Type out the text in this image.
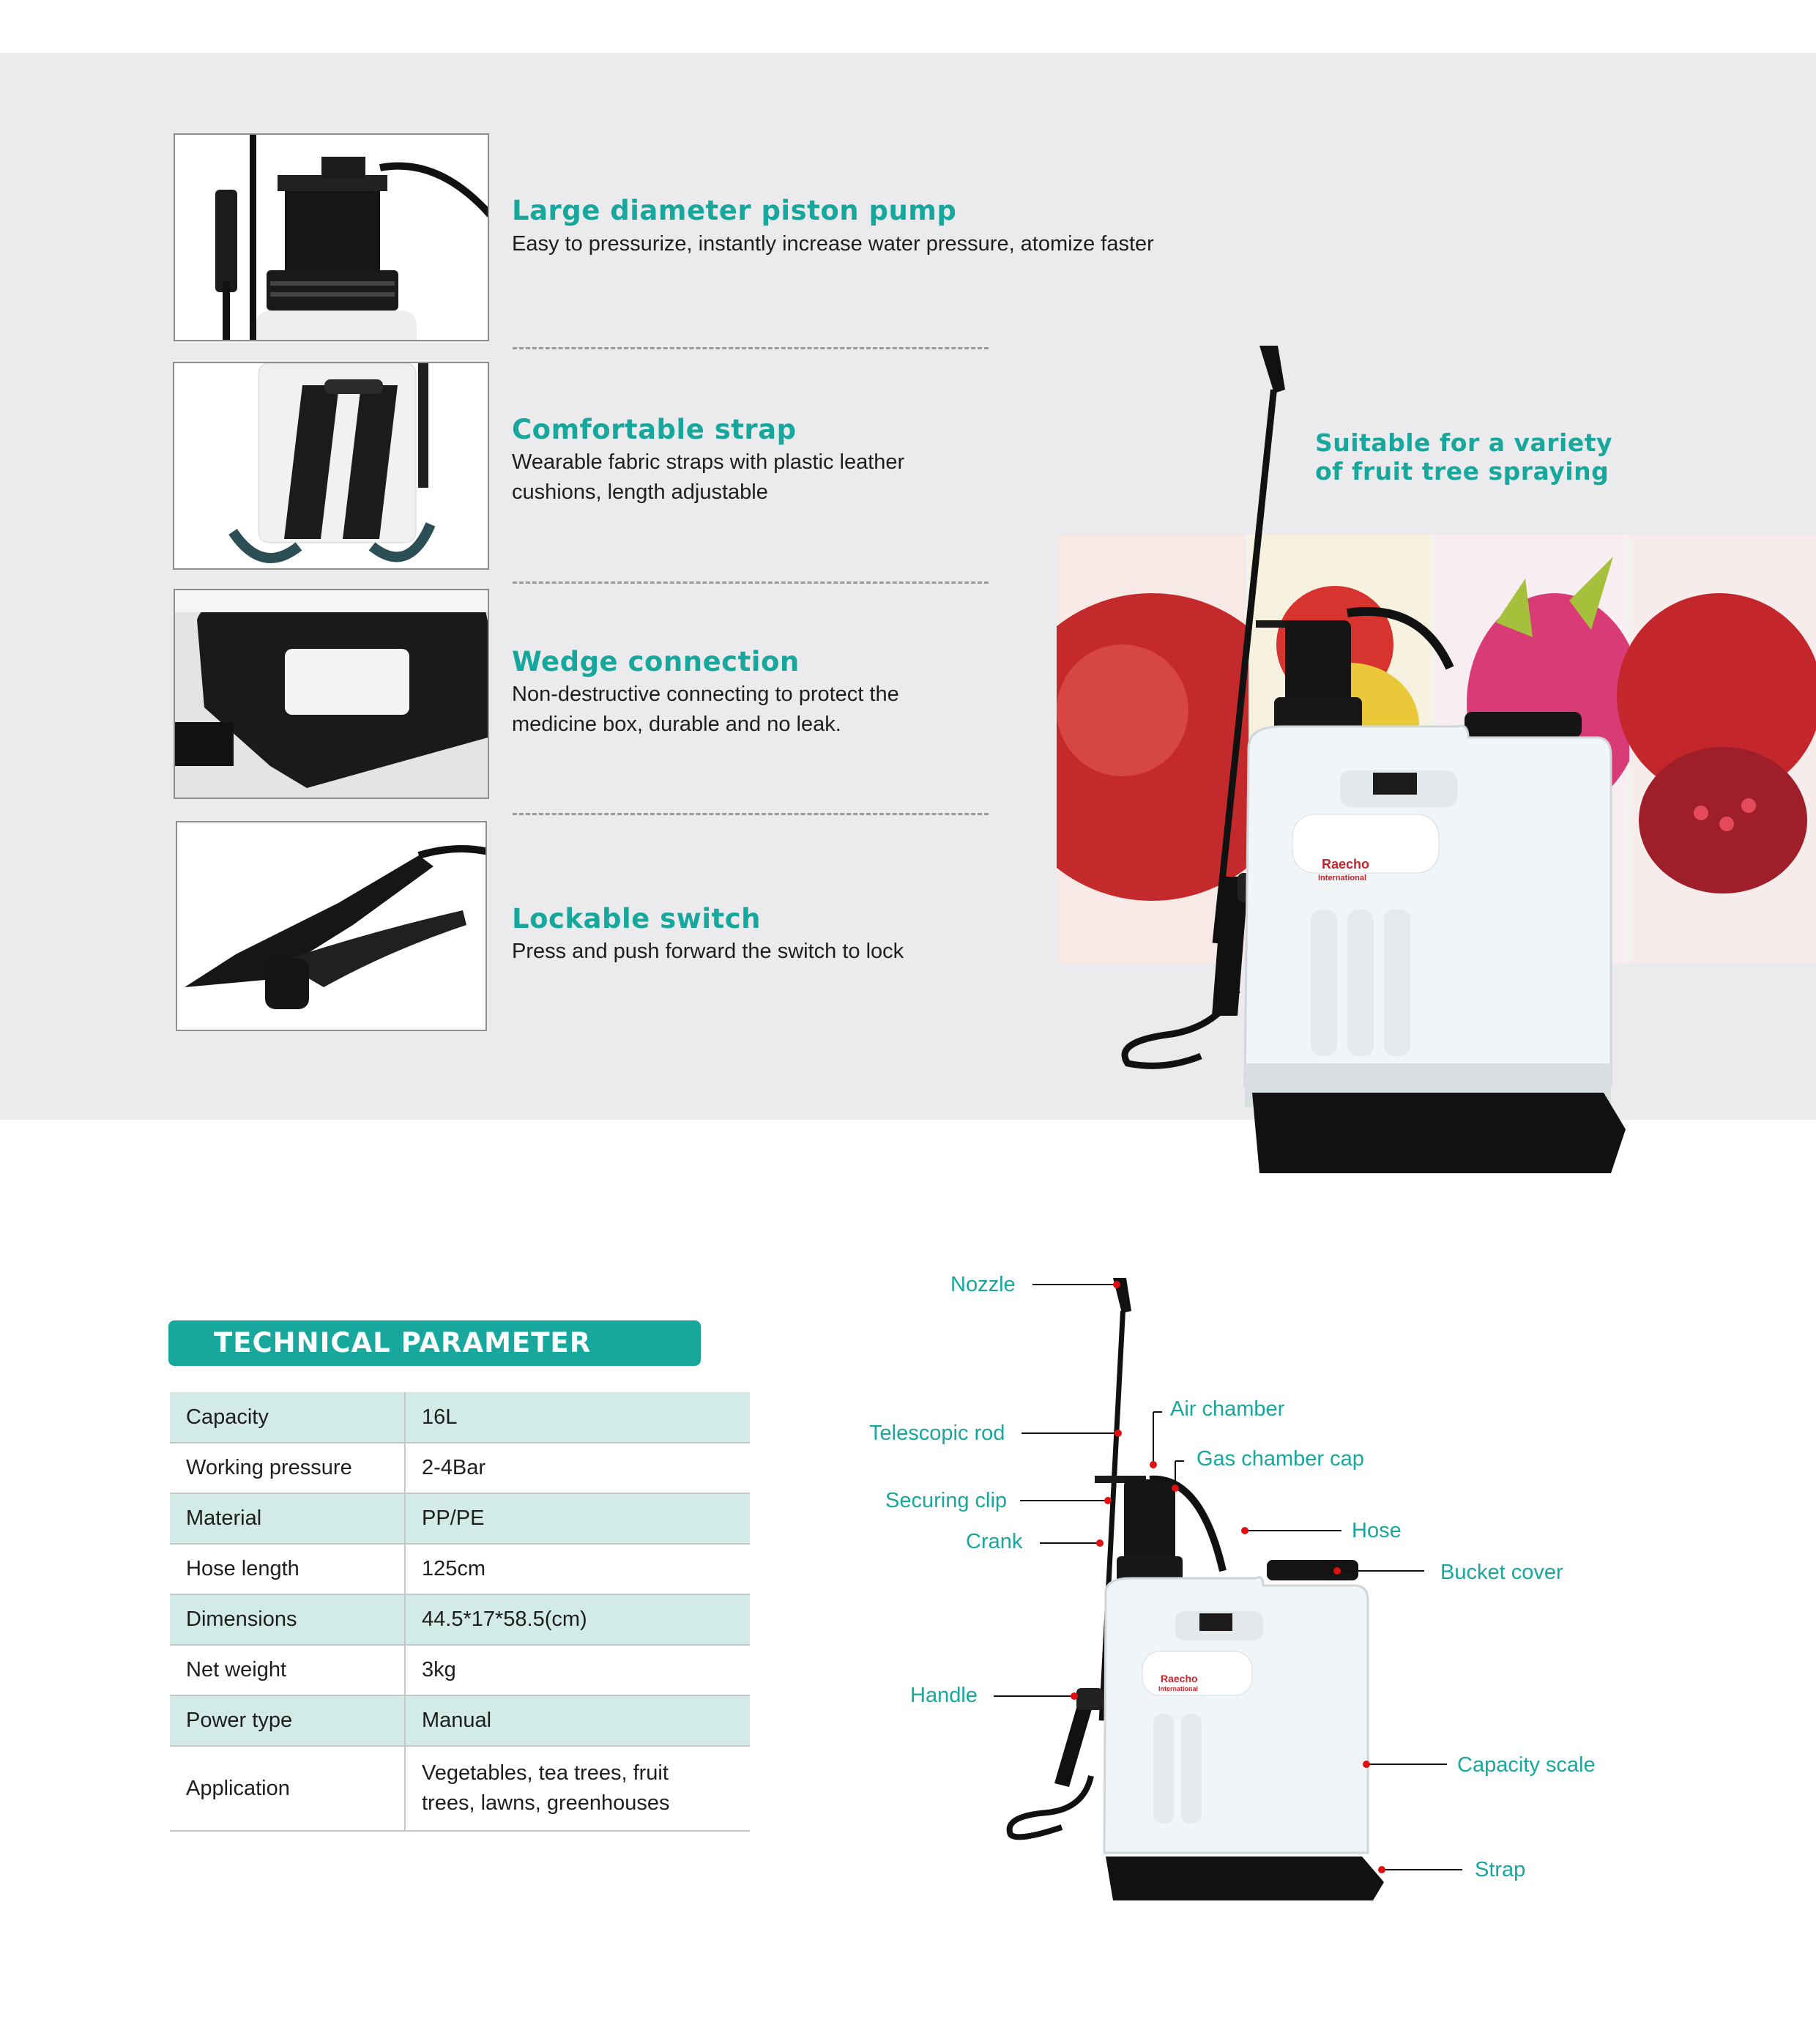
Large diameter piston pump
Easy to pressurize, instantly increase water pressure, atomize faster
Comfortable strap
Wearable fabric straps with plastic leather cushions, length adjustable
Wedge connection
Non-destructive connecting to protect the medicine box, durable and no leak.
Lockable switch
Press and push forward the switch to lock
Suitable for a variety of fruit tree spraying
Raecho
International
TECHNICAL PARAMETER
Capacity	16L
Working pressure	2-4Bar
Material	PP/PE
Hose length	125cm
Dimensions	44.5*17*58.5(cm)
Net weight	3kg
Power type	Manual
Application	Vegetables, tea trees, fruit trees, lawns, greenhouses
Raecho
International
Nozzle
Telescopic rod
Air chamber
Gas chamber cap
Securing clip
Crank	Hose
Bucket cover
Handle
Capacity scale
Strap
